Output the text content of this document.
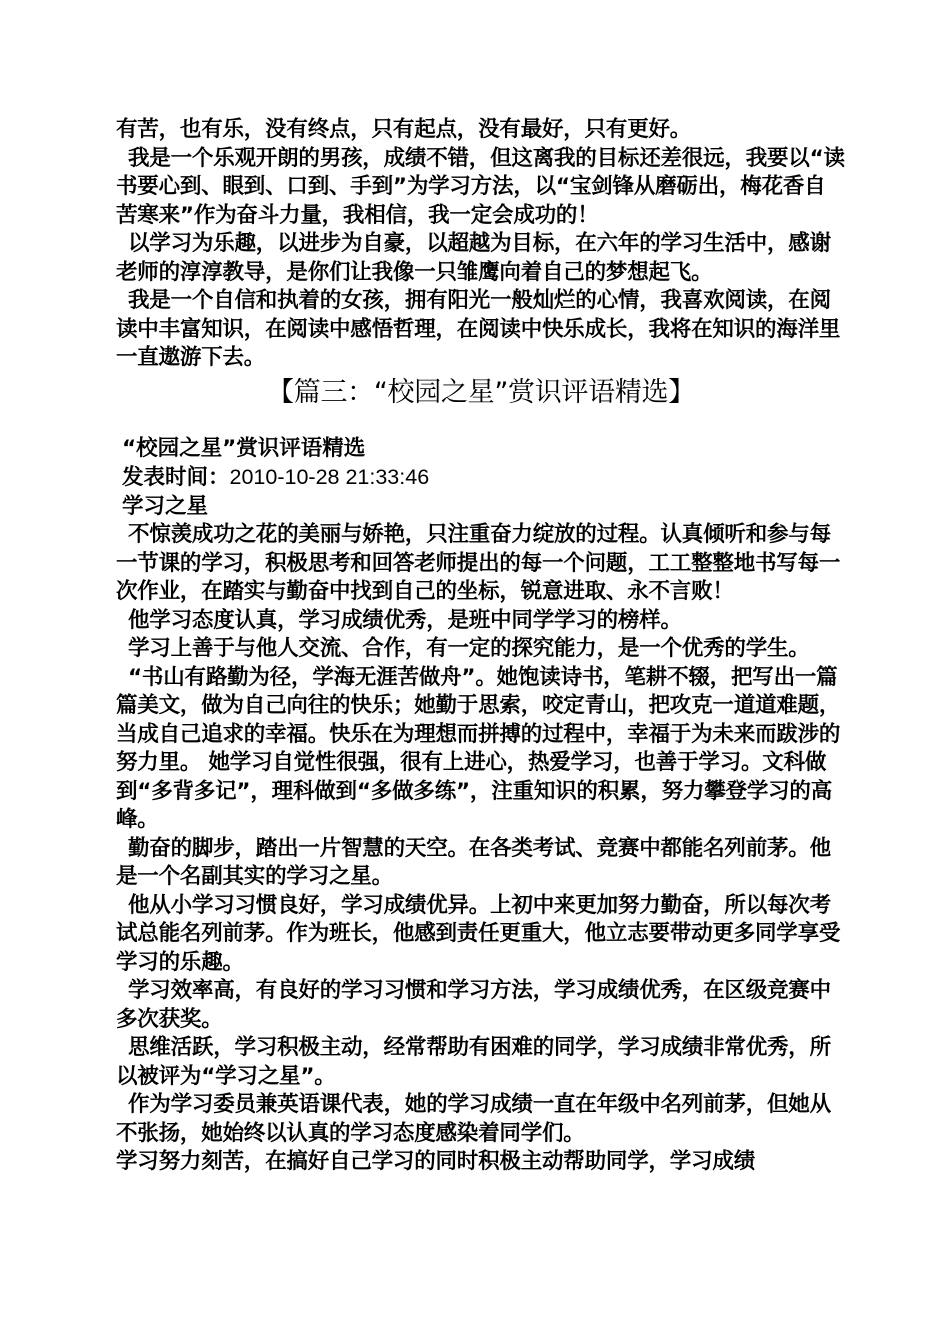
有苦，也有乐，没有终点，只有起点，没有最好，只有更好。

我是一个乐观开朗的男孩，成绩不错，但这离我的目标还差很远，我要以“读书要心到、眼到、口到、手到”为学习方法，以“宝剑锋从磨砺出，梅花香自苦寒来”作为奋斗力量，我相信，我一定会成功的！

以学习为乐趣，以进步为自豪，以超越为目标，在六年的学习生活中，感谢老师的淳淳教导，是你们让我像一只雏鹰向着自己的梦想起飞。

我是一个自信和执着的女孩，拥有阳光一般灿烂的心情，我喜欢阅读，在阅读中丰富知识，在阅读中感悟哲理，在阅读中快乐成长，我将在知识的海洋里一直遨游下去。

【篇三：“校园之星”赏识评语精选】

“校园之星”赏识评语精选

发表时间：2010-10-28 21:33:46

学习之星

不惊羡成功之花的美丽与娇艳，只注重奋力绽放的过程。认真倾听和参与每一节课的学习，积极思考和回答老师提出的每一个问题，工工整整地书写每一次作业，在踏实与勤奋中找到自己的坐标，锐意进取、永不言败！

他学习态度认真，学习成绩优秀，是班中同学学习的榜样。

学习上善于与他人交流、合作，有一定的探究能力，是一个优秀的学生。

“书山有路勤为径，学海无涯苦做舟”。她饱读诗书，笔耕不辍，把写出一篇篇美文，做为自己向往的快乐；她勤于思索，咬定青山，把攻克一道道难题，当成自己追求的幸福。快乐在为理想而拼搏的过程中，幸福于为未来而跋涉的努力里。 她学习自觉性很强，很有上进心，热爱学习，也善于学习。文科做到“多背多记”，理科做到“多做多练”，注重知识的积累，努力攀登学习的高峰。

勤奋的脚步，踏出一片智慧的天空。在各类考试、竞赛中都能名列前茅。他是一个名副其实的学习之星。

他从小学习习惯良好，学习成绩优异。上初中来更加努力勤奋，所以每次考试总能名列前茅。作为班长，他感到责任更重大，他立志要带动更多同学享受学习的乐趣。

学习效率高，有良好的学习习惯和学习方法，学习成绩优秀，在区级竞赛中多次获奖。

思维活跃，学习积极主动，经常帮助有困难的同学，学习成绩非常优秀，所以被评为“学习之星”。

作为学习委员兼英语课代表，她的学习成绩一直在年级中名列前茅，但她从不张扬，她始终以认真的学习态度感染着同学们。

学习努力刻苦，在搞好自己学习的同时积极主动帮助同学，学习成绩
